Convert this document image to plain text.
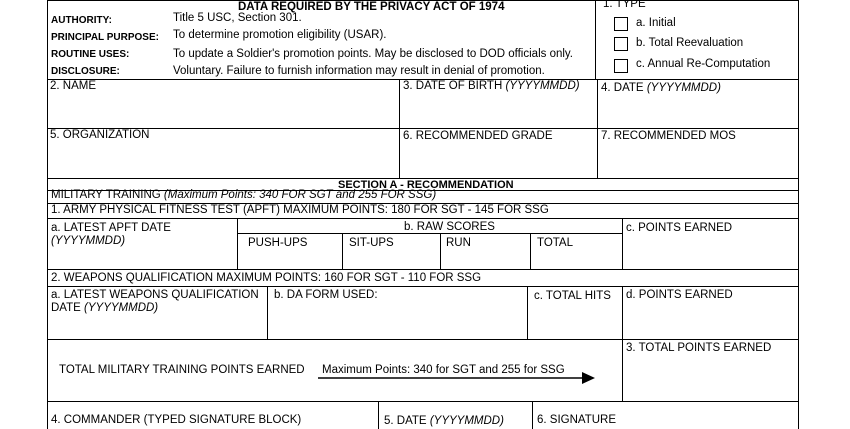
DATA REQUIRED BY THE PRIVACY ACT OF 1974
AUTHORITY:	Title 5 USC, Section 301.
PRINCIPAL PURPOSE: To determine promotion eligibility (USAR).
ROUTINE USES:	To update a Soldier's promotion points. May be disclosed to DOD officials only.
DISCLOSURE:	Voluntary. Failure to furnish information may result in denial of promotion.
1. TYPE
a. Initial
b. Total Reevaluation
c. Annual Re-Computation
2. NAME	3. DATE OF BIRTH (YYYYMMDD) 4. DATE (YYYYMMDD)
5. ORGANIZATION	6. RECOMMENDED GRADE	7. RECOMMENDED MOS
SECTION A - RECOMMENDATION
MILITARY TRAINING (Maximum Points: 340 FOR SGT and 255 FOR SSG)
1. ARMY PHYSICAL FITNESS TEST (APFT) MAXIMUM POINTS: 180 FOR SGT - 145 FOR SSG
a. LATEST APFT DATE
(YYYYMMDD)
b. RAW SCORES
PUSH-UPS	SIT-UPS	RUN	TOTAL
c. POINTS EARNED
2. WEAPONS QUALIFICATION MAXIMUM POINTS: 160 FOR SGT - 110 FOR SSG
a. LATEST WEAPONS QUALIFICATION
DATE (YYYYMMDD)
b. DA FORM USED:	c. TOTAL HITS d. POINTS EARNED
3. TOTAL POINTS EARNED
TOTAL MILITARY TRAINING POINTS EARNED Maximum Points: 340 for SGT and 255 for SSG
4. COMMANDER (TYPED SIGNATURE BLOCK)	5. DATE (YYYYMMDD)	6. SIGNATURE
